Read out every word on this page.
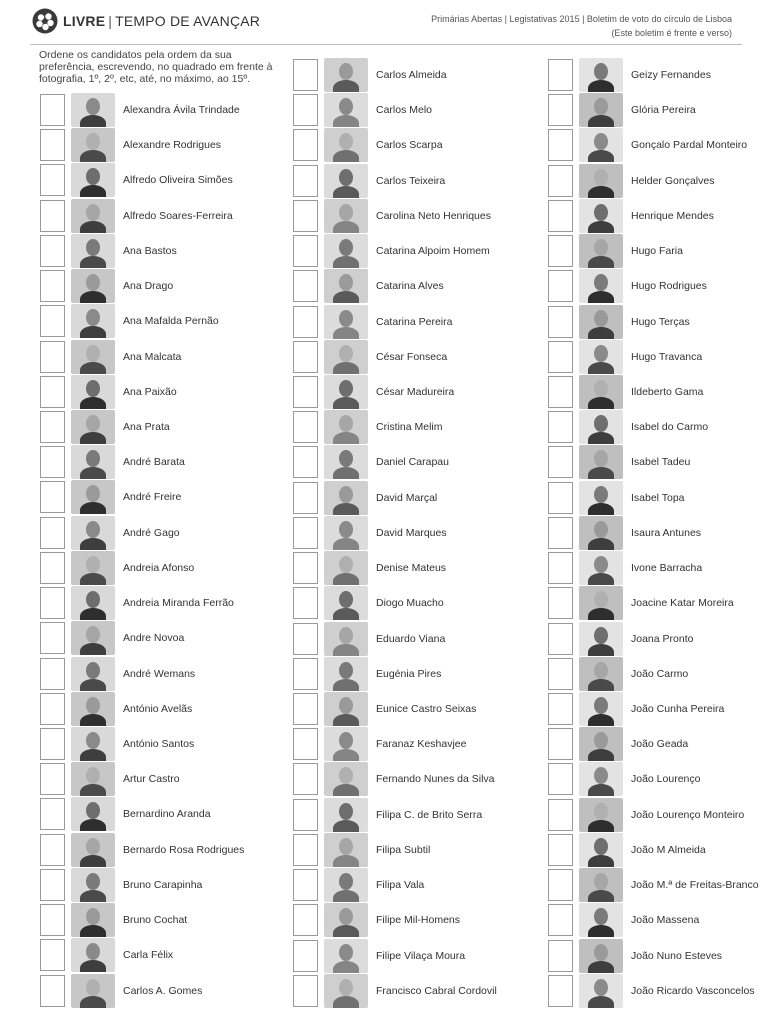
LIVRE | TEMPO DE AVANÇAR	Primárias Abertas | Legistativas 2015 | Boletim de voto do círculo de Lisboa
(Este boletim é frente e verso)
Ordene os candidatos pela ordem da sua preferência, escrevendo, no quadrado em frente à fotografia, 1º, 2º, etc, até, no máximo, ao 15º.
Alexandra Ávila Trindade
Alexandre Rodrigues
Alfredo Oliveira Simões
Alfredo Soares-Ferreira
Ana Bastos
Ana Drago
Ana Mafalda Pernão
Ana Malcata
Ana Paixão
Ana Prata
André Barata
André Freire
André Gago
Andreia Afonso
Andreia Miranda Ferrão
Andre Novoa
André Wemans
António Avelãs
António Santos
Artur Castro
Bernardino Aranda
Bernardo Rosa Rodrigues
Bruno Carapinha
Bruno Cochat
Carla Félix
Carlos A. Gomes
Carlos Almeida
Carlos Melo
Carlos Scarpa
Carlos Teixeira
Carolina Neto Henriques
Catarina Alpoim Homem
Catarina Alves
Catarina Pereira
César Fonseca
César Madureira
Cristina Melim
Daniel Carapau
David Marçal
David Marques
Denise Mateus
Diogo Muacho
Eduardo Viana
Eugénia Pires
Eunice Castro Seixas
Faranaz Keshavjee
Fernando Nunes da Silva
Filipa C. de Brito Serra
Filipa Subtil
Filipa Vala
Filipe Mil-Homens
Filipe Vilaça Moura
Francisco Cabral Cordovil
Geizy Fernandes
Glória Pereira
Gonçalo Pardal Monteiro
Helder Gonçalves
Henrique Mendes
Hugo Faria
Hugo Rodrigues
Hugo Terças
Hugo Travanca
Ildeberto Gama
Isabel do Carmo
Isabel Tadeu
Isabel Topa
Isaura Antunes
Ivone Barracha
Joacine Katar Moreira
Joana Pronto
João Carmo
João Cunha Pereira
João Geada
João Lourenço
João Lourenço Monteiro
João M Almeida
João M.ª de Freitas-Branco
João Massena
João Nuno Esteves
João Ricardo Vasconcelos
